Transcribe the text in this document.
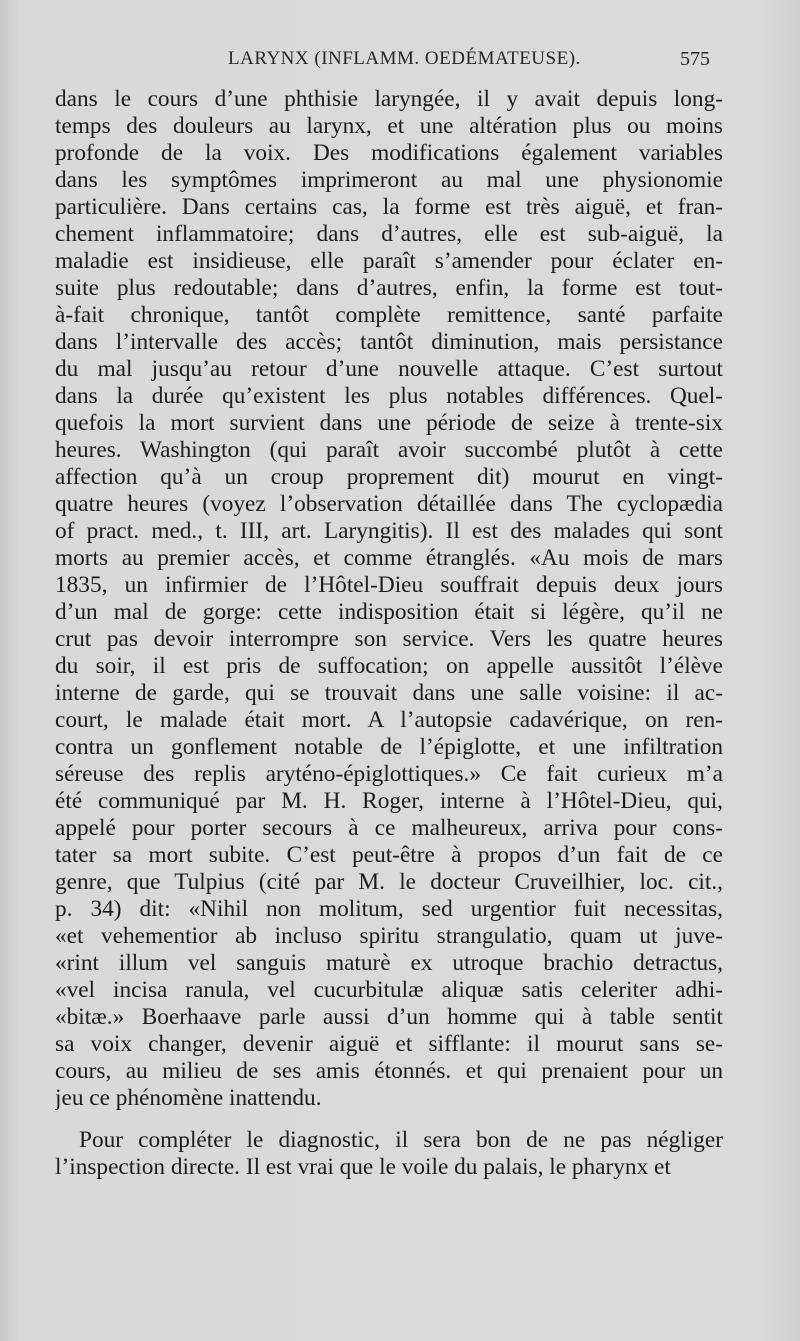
LARYNX (INFLAMM. OEDÉMATEUSE).	575
dans le cours d’une phthisie laryngée, il y avait depuis long-
temps des douleurs au larynx, et une altération plus ou moins
profonde de la voix. Des modifications également variables
dans les symptômes imprimeront au mal une physionomie
particulière. Dans certains cas, la forme est très aiguë, et fran-
chement inflammatoire; dans d’autres, elle est sub-aiguë, la
maladie est insidieuse, elle paraît s’amender pour éclater en-
suite plus redoutable; dans d’autres, enfin, la forme est tout-
à-fait chronique, tantôt complète remittence, santé parfaite
dans l’intervalle des accès; tantôt diminution, mais persistance
du mal jusqu’au retour d’une nouvelle attaque. C’est surtout
dans la durée qu’existent les plus notables différences. Quel-
quefois la mort survient dans une période de seize à trente-six
heures. Washington (qui paraît avoir succombé plutôt à cette
affection qu’à un croup proprement dit) mourut en vingt-
quatre heures (voyez l’observation détaillée dans The cyclopædia
of pract. med., t. III, art. Laryngitis). Il est des malades qui sont
morts au premier accès, et comme étranglés. «Au mois de mars
1835, un infirmier de l’Hôtel-Dieu souffrait depuis deux jours
d’un mal de gorge: cette indisposition était si légère, qu’il ne
crut pas devoir interrompre son service. Vers les quatre heures
du soir, il est pris de suffocation; on appelle aussitôt l’élève
interne de garde, qui se trouvait dans une salle voisine: il ac-
court, le malade était mort. A l’autopsie cadavérique, on ren-
contra un gonflement notable de l’épiglotte, et une infiltration
séreuse des replis aryténo-épiglottiques.» Ce fait curieux m’a
été communiqué par M. H. Roger, interne à l’Hôtel-Dieu, qui,
appelé pour porter secours à ce malheureux, arriva pour cons-
tater sa mort subite. C’est peut-être à propos d’un fait de ce
genre, que Tulpius (cité par M. le docteur Cruveilhier, loc. cit.,
p. 34) dit: «Nihil non molitum, sed urgentior fuit necessitas,
«et vehementior ab incluso spiritu strangulatio, quam ut juve-
«rint illum vel sanguis maturè ex utroque brachio detractus,
«vel incisa ranula, vel cucurbitulæ aliquæ satis celeriter adhi-
«bitæ.» Boerhaave parle aussi d’un homme qui à table sentit
sa voix changer, devenir aiguë et sifflante: il mourut sans se-
cours, au milieu de ses amis étonnés. et qui prenaient pour un
jeu ce phénomène inattendu.
Pour compléter le diagnostic, il sera bon de ne pas négliger
l’inspection directe. Il est vrai que le voile du palais, le pharynx et
